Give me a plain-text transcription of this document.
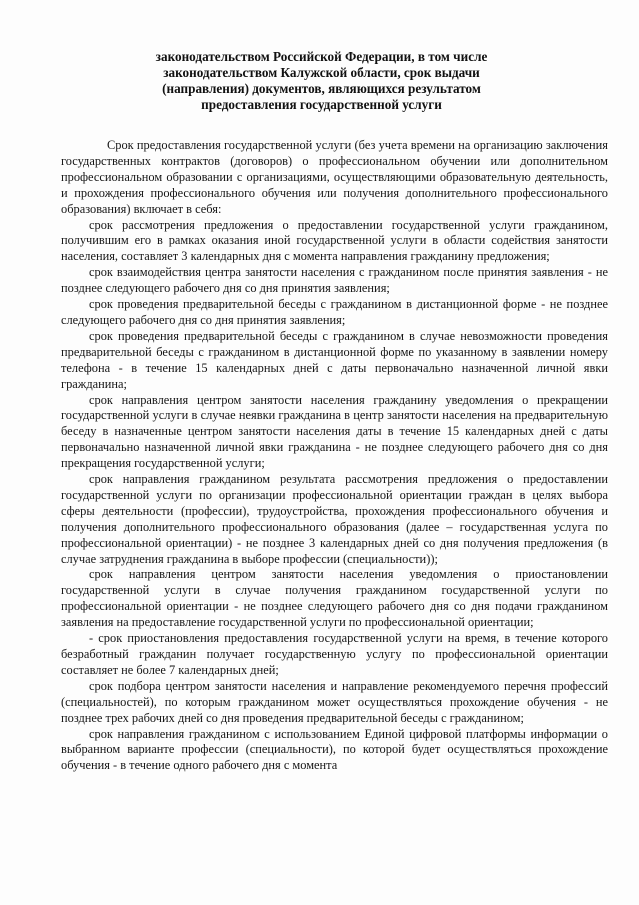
законодательством Российской Федерации, в том числе
законодательством Калужской области, срок выдачи
(направления) документов, являющихся результатом
предоставления государственной услуги

Срок предоставления государственной услуги (без учета времени на организацию заключения государственных контрактов (договоров) о профессиональном обучении или дополнительном профессиональном образовании с организациями, осуществляющими образовательную деятельность, и прохождения профессионального обучения или получения дополнительного профессионального образования) включает в себя:

срок рассмотрения предложения о предоставлении государственной услуги гражданином, получившим его в рамках оказания иной государственной услуги в области содействия занятости населения, составляет 3 календарных дня с момента направления гражданину предложения;

срок взаимодействия центра занятости населения с гражданином после принятия заявления - не позднее следующего рабочего дня со дня принятия заявления;

срок проведения предварительной беседы с гражданином в дистанционной форме - не позднее следующего рабочего дня со дня принятия заявления;

срок проведения предварительной беседы с гражданином в случае невозможности проведения предварительной беседы с гражданином в дистанционной форме по указанному в заявлении номеру телефона - в течение 15 календарных дней с даты первоначально назначенной личной явки гражданина;

срок направления центром занятости населения гражданину уведомления о прекращении государственной услуги в случае неявки гражданина в центр занятости населения на предварительную беседу в назначенные центром занятости населения даты в течение 15 календарных дней с даты первоначально назначенной личной явки гражданина - не позднее следующего рабочего дня со дня прекращения государственной услуги;

срок направления гражданином результата рассмотрения предложения о предоставлении государственной услуги по организации профессиональной ориентации граждан в целях выбора сферы деятельности (профессии), трудоустройства, прохождения профессионального обучения и получения дополнительного профессионального образования (далее – государственная услуга по профессиональной ориентации) - не позднее 3 календарных дней со дня получения предложения (в случае затруднения гражданина в выборе профессии (специальности));

срок направления центром занятости населения уведомления о приостановлении государственной услуги в случае получения гражданином государственной услуги по профессиональной ориентации - не позднее следующего рабочего дня со дня подачи гражданином заявления на предоставление государственной услуги по профессиональной ориентации;

- срок приостановления предоставления государственной услуги на время, в течение которого безработный гражданин получает государственную услугу по профессиональной ориентации составляет не более 7 календарных дней;

срок подбора центром занятости населения и направление рекомендуемого перечня профессий (специальностей), по которым гражданином может осуществляться прохождение обучения - не позднее трех рабочих дней со дня проведения предварительной беседы с гражданином;

срок направления гражданином с использованием Единой цифровой платформы информации о выбранном варианте профессии (специальности), по которой будет осуществляться прохождение обучения - в течение одного рабочего дня с момента
